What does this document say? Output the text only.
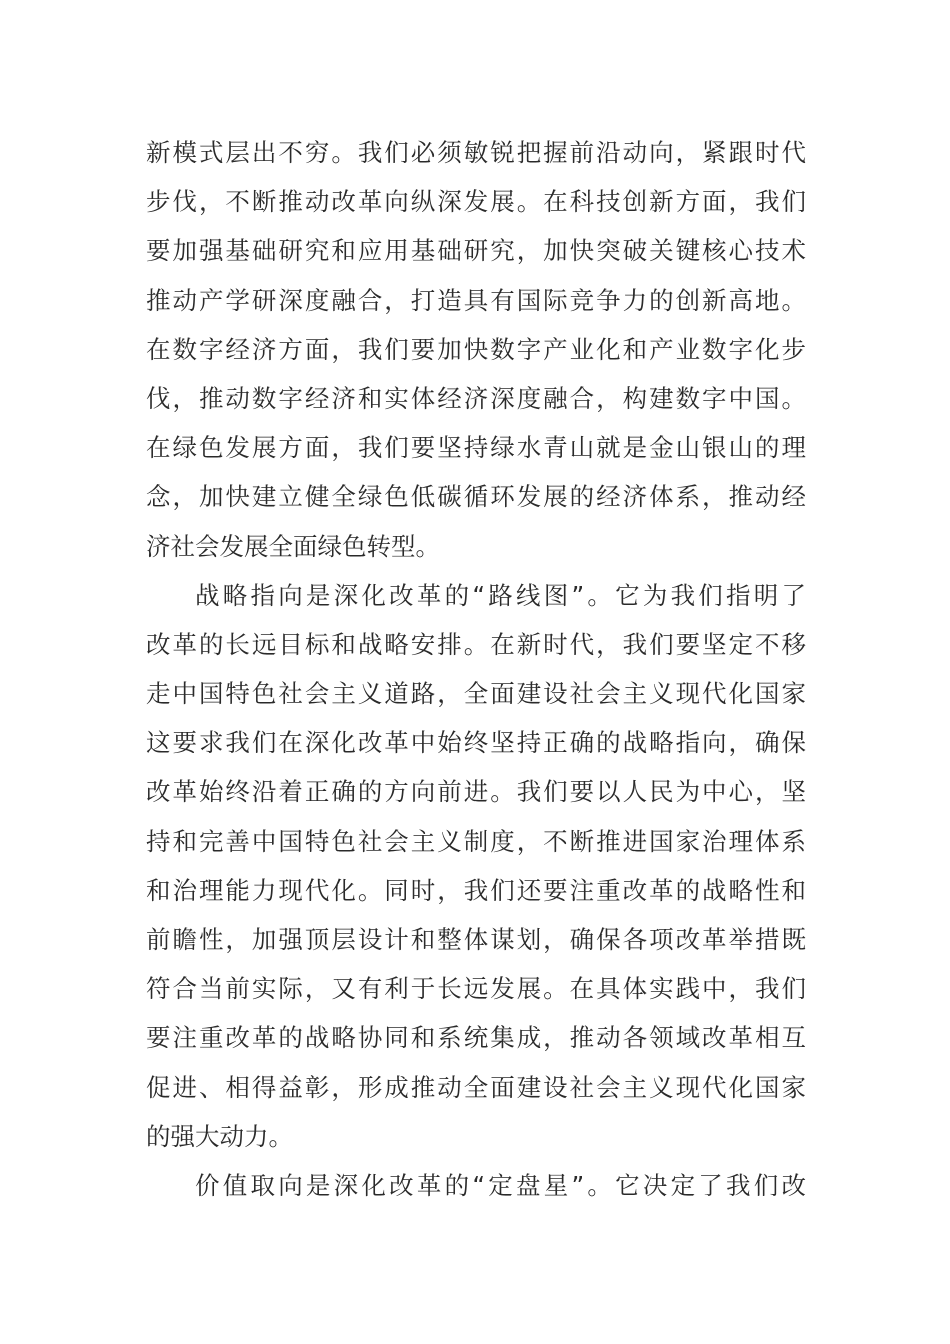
新模式层出不穷。我们必须敏锐把握前沿动向，紧跟时代
步伐，不断推动改革向纵深发展。在科技创新方面，我们
要加强基础研究和应用基础研究，加快突破关键核心技术
推动产学研深度融合，打造具有国际竞争力的创新高地。
在数字经济方面，我们要加快数字产业化和产业数字化步
伐，推动数字经济和实体经济深度融合，构建数字中国。
在绿色发展方面，我们要坚持绿水青山就是金山银山的理
念，加快建立健全绿色低碳循环发展的经济体系，推动经
济社会发展全面绿色转型。
战略指向是深化改革的“路线图”。它为我们指明了
改革的长远目标和战略安排。在新时代，我们要坚定不移
走中国特色社会主义道路，全面建设社会主义现代化国家
这要求我们在深化改革中始终坚持正确的战略指向，确保
改革始终沿着正确的方向前进。我们要以人民为中心，坚
持和完善中国特色社会主义制度，不断推进国家治理体系
和治理能力现代化。同时，我们还要注重改革的战略性和
前瞻性，加强顶层设计和整体谋划，确保各项改革举措既
符合当前实际，又有利于长远发展。在具体实践中，我们
要注重改革的战略协同和系统集成，推动各领域改革相互
促进、相得益彰，形成推动全面建设社会主义现代化国家
的强大动力。
价值取向是深化改革的“定盘星”。它决定了我们改
